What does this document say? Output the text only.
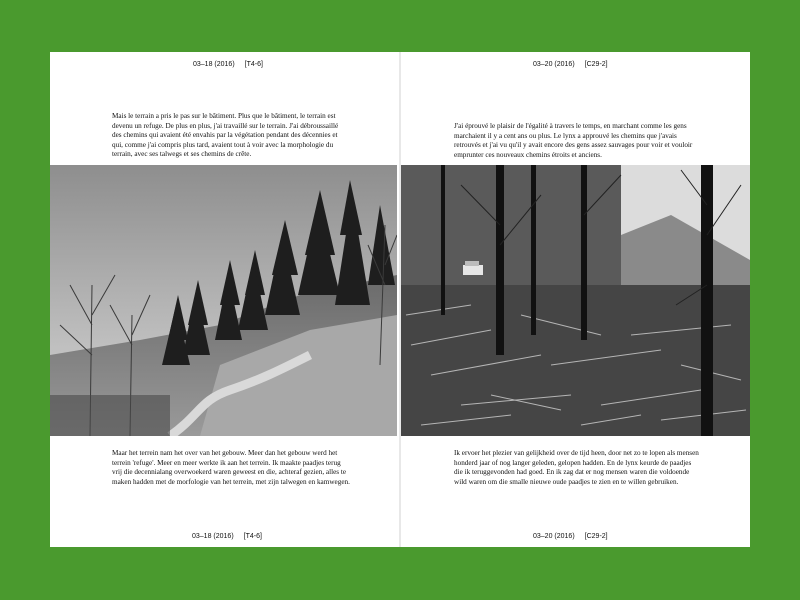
03–18 (2016) [T4-6]

Mais le terrain a pris le pas sur le bâtiment. Plus que le bâtiment, le terrain est devenu un refuge. De plus en plus, j'ai travaillé sur le terrain. J'ai débroussaillé des chemins qui avaient été envahis par la végétation pendant des décennies et qui, comme j'ai compris plus tard, avaient tout à voir avec la morphologie du terrain, avec ses talwegs et ses chemins de crête.

Maar het terrein nam het over van het gebouw. Meer dan het gebouw werd het terrein 'refuge'. Meer en meer werkte ik aan het terrein. Ik maakte paadjes terug vrij die decennialang overwoekerd waren geweest en die, achteraf gezien, alles te maken hadden met de morfologie van het terrein, met zijn talwegen en kamwegen.

03–18 (2016) [T4-6]
03–20 (2016) [C29-2]

J'ai éprouvé le plaisir de l'égalité à travers le temps, en marchant comme les gens marchaient il y a cent ans ou plus. Le lynx a approuvé les chemins que j'avais retrouvés et j'ai vu qu'il y avait encore des gens assez sauvages pour voir et vouloir emprunter ces nouveaux chemins étroits et anciens.

Ik ervoer het plezier van gelijkheid over de tijd heen, door net zo te lopen als mensen honderd jaar of nog langer geleden, gelopen hadden. En de lynx keurde de paadjes die ik teruggevonden had goed. En ik zag dat er nog mensen waren die voldoende wild waren om die smalle nieuwe oude paadjes te zien en te willen gebruiken.

03–20 (2016) [C29-2]
